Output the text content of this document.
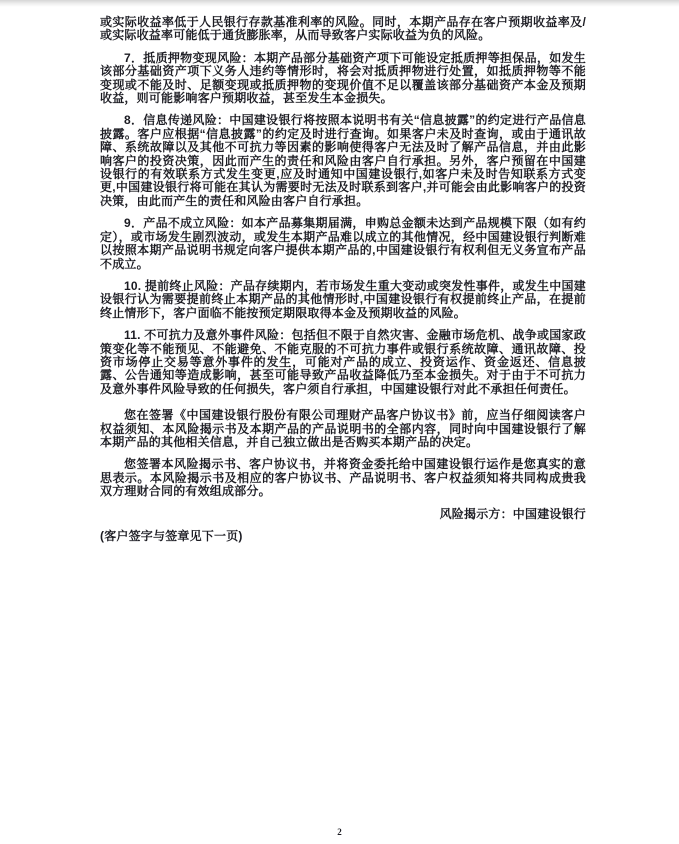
或实际收益率低于人民银行存款基准利率的风险。同时，本期产品存在客户预期收益率及/或实际收益率可能低于通货膨胀率，从而导致客户实际收益为负的风险。

7．抵质押物变现风险：本期产品部分基础资产项下可能设定抵质押等担保品，如发生该部分基础资产项下义务人违约等情形时，将会对抵质押物进行处置，如抵质押物等不能变现或不能及时、足额变现或抵质押物的变现价值不足以覆盖该部分基础资产本金及预期收益，则可能影响客户预期收益，甚至发生本金损失。

8．信息传递风险：中国建设银行将按照本说明书有关“信息披露”的约定进行产品信息披露。客户应根据“信息披露”的约定及时进行查询。如果客户未及时查询，或由于通讯故障、系统故障以及其他不可抗力等因素的影响使得客户无法及时了解产品信息，并由此影响客户的投资决策，因此而产生的责任和风险由客户自行承担。另外，客户预留在中国建设银行的有效联系方式发生变更,应及时通知中国建设银行,如客户未及时告知联系方式变更,中国建设银行将可能在其认为需要时无法及时联系到客户,并可能会由此影响客户的投资决策，由此而产生的责任和风险由客户自行承担。

9．产品不成立风险：如本产品募集期届满，申购总金额未达到产品规模下限（如有约定），或市场发生剧烈波动，或发生本期产品难以成立的其他情况，经中国建设银行判断难以按照本期产品说明书规定向客户提供本期产品的,中国建设银行有权利但无义务宣布产品不成立。

10. 提前终止风险：产品存续期内，若市场发生重大变动或突发性事件，或发生中国建设银行认为需要提前终止本期产品的其他情形时,中国建设银行有权提前终止产品，在提前终止情形下，客户面临不能按预定期限取得本金及预期收益的风险。

11. 不可抗力及意外事件风险：包括但不限于自然灾害、金融市场危机、战争或国家政策变化等不能预见、不能避免、不能克服的不可抗力事件或银行系统故障、通讯故障、投资市场停止交易等意外事件的发生，可能对产品的成立、投资运作、资金返还、信息披露、公告通知等造成影响，甚至可能导致产品收益降低乃至本金损失。对于由于不可抗力及意外事件风险导致的任何损失，客户须自行承担，中国建设银行对此不承担任何责任。

您在签署《中国建设银行股份有限公司理财产品客户协议书》前，应当仔细阅读客户权益须知、本风险揭示书及本期产品的产品说明书的全部内容，同时向中国建设银行了解本期产品的其他相关信息，并自己独立做出是否购买本期产品的决定。

您签署本风险揭示书、客户协议书，并将资金委托给中国建设银行运作是您真实的意思表示。本风险揭示书及相应的客户协议书、产品说明书、客户权益须知将共同构成贵我双方理财合同的有效组成部分。

风险揭示方：中国建设银行

(客户签字与签章见下一页)

2
